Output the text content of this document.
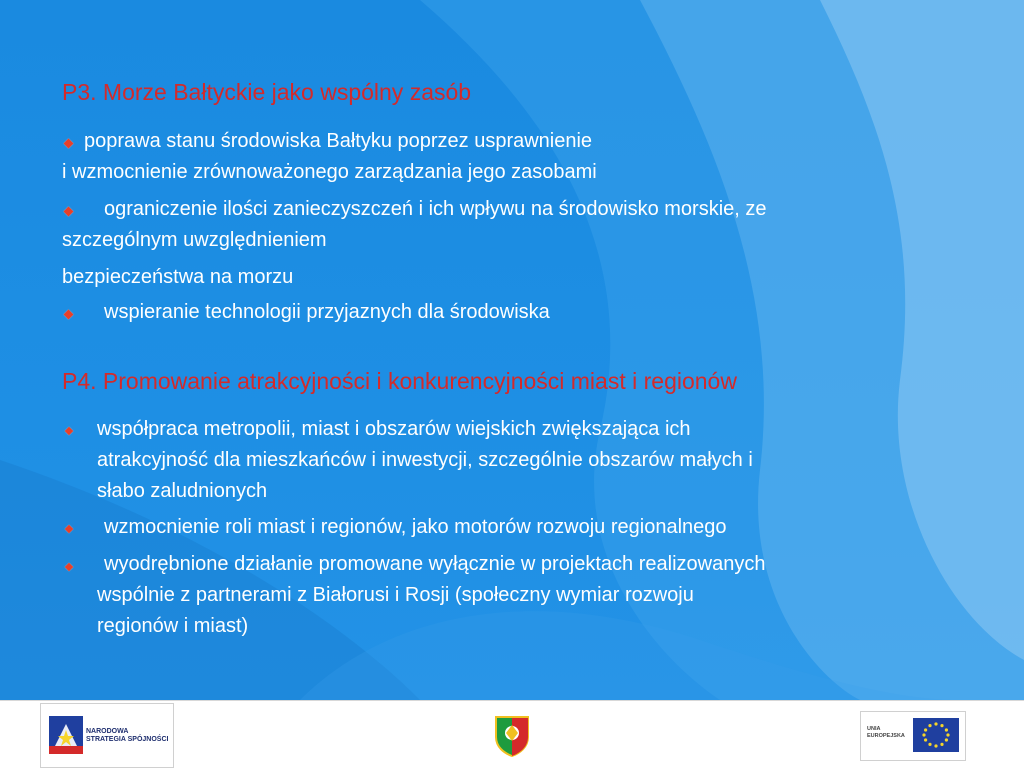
P3. Morze Bałtyckie jako wspólny zasób

poprawa stanu środowiska Bałtyku poprzez usprawnienie

i wzmocnienie zrównoważonego zarządzania jego zasobami

ograniczenie ilości zanieczyszczeń i ich wpływu na środowisko morskie, ze

szczególnym uwzględnieniem

bezpieczeństwa na morzu

wspieranie technologii przyjaznych dla środowiska

P4. Promowanie atrakcyjności i konkurencyjności miast i regionów

współpraca metropolii, miast i obszarów wiejskich zwiększająca ich

atrakcyjność dla mieszkańców i inwestycji, szczególnie obszarów małych i

słabo zaludnionych

wzmocnienie roli miast i regionów, jako motorów rozwoju regionalnego

wyodrębnione działanie promowane wyłącznie w projektach realizowanych

wspólnie z partnerami z Białorusi i Rosji (społeczny wymiar rozwoju

regionów i miast)

NARODOWA
STRATEGIA SPÓJNOŚCI
UNIA
EUROPEJSKA
